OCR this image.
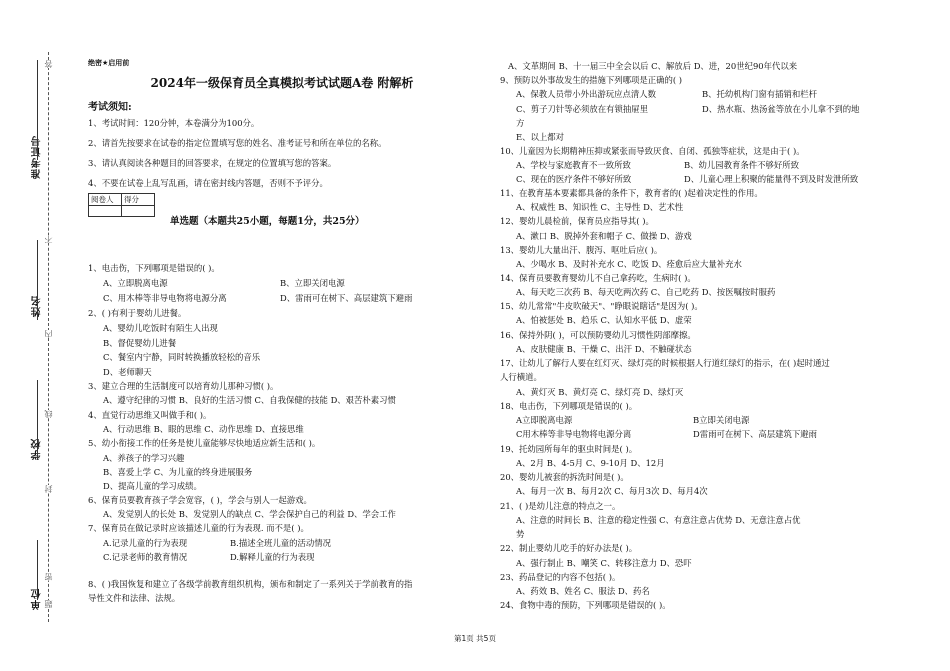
准考证号
姓名
学校
单位
答
不
内
线
封
密
题
绝密★启用前
2024年一级保育员全真模拟考试试题A卷 附解析
考试须知:
1、考试时间：120分钟，本卷满分为100分。
2、请首先按要求在试卷的指定位置填写您的姓名、准考证号和所在单位的名称。
3、请认真阅读各种题目的回答要求，在规定的位置填写您的答案。
4、不要在试卷上乱写乱画，请在密封线内答题，否则不予评分。
阅卷人	得分

单选题（本题共25小题，每题1分，共25分）
1、电击伤，下列哪项是错误的( )。
A、立即脱离电源	B、立即关闭电源
C、用木棒等非导电物将电源分离	D、雷雨可在树下、高层建筑下避雨
2、( )有利于婴幼儿进餐。
A、婴幼儿吃饭时有陌生人出现
B、督促婴幼儿进餐
C、餐室内宁静，同时转换播放轻松的音乐
D、老师聊天
3、建立合理的生活制度可以培育幼儿那种习惯( )。
A、遵守纪律的习惯 B、良好的生活习惯 C、自我保健的技能 D、艰苦朴素习惯
4、直觉行动思维又叫做手和( )。
A、行动思维 B、眼的思维 C、动作思维 D、直接思维
5、幼小衔接工作的任务是使儿童能够尽快地适应新生活和( )。
A、养孩子的学习兴趣
B、喜爱上学 C、为儿童的终身进展服务
D、提高儿童的学习成绩。
6、保育员要教育孩子学会宽容，( )，学会与别人一起游戏。
A、发觉别人的长处 B、发觉别人的缺点 C、学会保护自己的利益 D、学会工作
7、保育员在做记录时应该描述儿童的行为表现. 而不是( )。
A.记录儿童的行为表现	B.描述全班儿童的活动情况
C.记录老师的教育情况	D.解释儿童的行为表现
8、( )我国恢复和建立了各级学前教育组织机构，颁布和制定了一系列关于学前教育的指
导性文件和法律、法规。
A、文革期间 B、十一届三中全会以后 C、解放后 D、进，20世纪90年代以来
9、预防以外事故发生的措施下列哪项是正确的( )
A、保教人员带小外出游玩应点清人数	B、托幼机构门窗有插销和栏杆
C、剪子刀针等必须放在有锁抽屉里	D、热水瓶、热汤盆等放在小儿拿不到的地
方
E、以上都对
10、儿童因为长期精神压抑或紧张而导致厌食、自闭、孤独等症状，这是由于( )。
A、学校与家庭教育不一致所致	B、幼儿园教育条件不够好所致
C、现在的医疗条件不够好所致	D、儿童心理上积聚的能量得不到及时发泄所致
11、在教育基本要素都具备的条件下，教育者的( )起着决定性的作用。
A、权威性 B、知识性 C、主导性 D、艺术性
12、婴幼儿晨检前，保育员应指导其( )。
A、漱口 B、脱掉外套和帽子 C、做操 D、游戏
13、婴幼儿大量出汗、腹泻、呕吐后应( )。
A、少喝水 B、及时补充水 C、吃饭 D、痊愈后应大量补充水
14、保育员要教育婴幼儿不自己拿药吃，生病时( )。
A、每天吃三次药 B、每天吃两次药 C、自己吃药 D、按医嘱按时服药
15、幼儿常常"牛皮吹破天"、"睁眼说瞎话"是因为( )。
A、怕被惩处 B、趋乐 C、认知水平低 D、虚荣
16、保持外阴( )，可以预防婴幼儿习惯性阴部摩擦。
A、皮肤健康 B、干燥 C、出汗 D、不触碰状态
17、让幼儿了解行人要在红灯灭、绿灯亮的时候根据人行道红绿灯的指示，在( )起时通过
人行横道。
A、黄灯灭 B、黄灯亮 C、绿灯亮 D、绿灯灭
18、电击伤，下列哪项是错误的( )。
A立即脱离电源	B立即关闭电源
C用木棒等非导电物将电源分离	D雷雨可在树下、高层建筑下避雨
19、托幼园所每年的驱虫时间是( )。
A、2月 B、4-5月 C、9-10月 D、12月
20、婴幼儿被套的拆洗时间是( )。
A、每月一次 B、每月2次 C、每月3次 D、每月4次
21、( )是幼儿注意的特点之一。
A、注意的时间长 B、注意的稳定性强 C、有意注意占优势 D、无意注意占优
势
22、制止婴幼儿吃手的好办法是( )。
A、强行制止 B、嘲笑 C、转移注意力 D、恐吓
23、药品登记的内容不包括( )。
A、药效 B、姓名 C、服法 D、药名
24、食物中毒的预防，下列哪项是错误的( )。
第1页 共5页
